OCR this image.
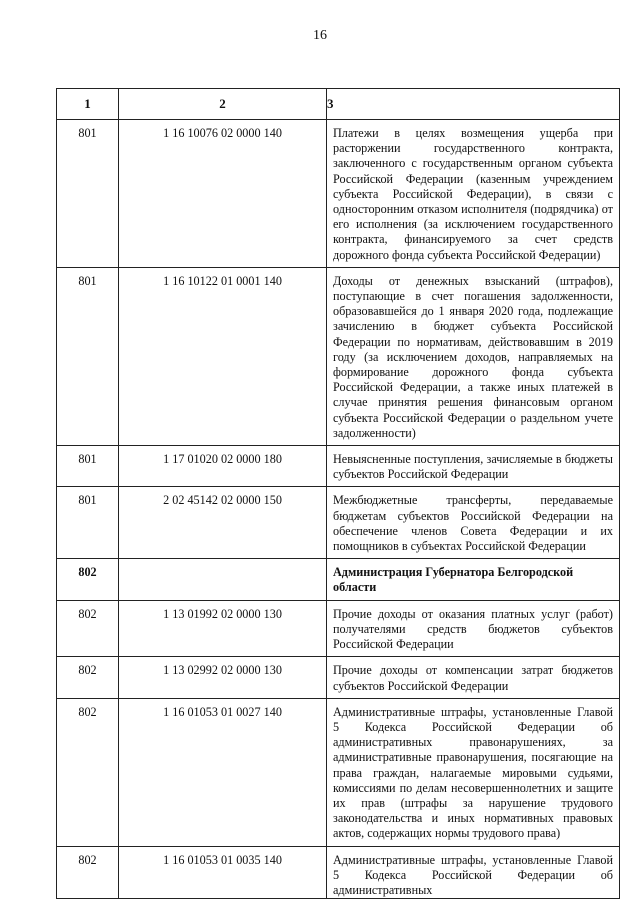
16
1	2	3
801	1 16 10076 02 0000 140	Платежи в целях возмещения ущерба при расторжении государственного контракта, заключенного с государственным органом субъекта Российской Федерации (казенным учреждением субъекта Российской Федерации), в связи с односторонним отказом исполнителя (подрядчика) от его исполнения (за исключением государственного контракта, финансируемого за счет средств дорожного фонда субъекта Российской Федерации)
801	1 16 10122 01 0001 140	Доходы от денежных взысканий (штрафов), поступающие в счет погашения задолженности, образовавшейся до 1 января 2020 года, подлежащие зачислению в бюджет субъекта Российской Федерации по нормативам, действовавшим в 2019 году (за исключением доходов, направляемых на формирование дорожного фонда субъекта Российской Федерации, а также иных платежей в случае принятия решения финансовым органом субъекта Российской Федерации о раздельном учете задолженности)
801	1 17 01020 02 0000 180	Невыясненные поступления, зачисляемые в бюджеты субъектов Российской Федерации
801	2 02 45142 02 0000 150	Межбюджетные трансферты, передаваемые бюджетам субъектов Российской Федерации на обеспечение членов Совета Федерации и их помощников в субъектах Российской Федерации
802		Администрация Губернатора Белгородской области
802	1 13 01992 02 0000 130	Прочие доходы от оказания платных услуг (работ) получателями средств бюджетов субъектов Российской Федерации
802	1 13 02992 02 0000 130	Прочие доходы от компенсации затрат бюджетов субъектов Российской Федерации
802	1 16 01053 01 0027 140	Административные штрафы, установленные Главой 5 Кодекса Российской Федерации об административных правонарушениях, за административные правонарушения, посягающие на права граждан, налагаемые мировыми судьями, комиссиями по делам несовершеннолетних и защите их прав (штрафы за нарушение трудового законодательства и иных нормативных правовых актов, содержащих нормы трудового права)
802	1 16 01053 01 0035 140	Административные штрафы, установленные Главой 5 Кодекса Российской Федерации об административных
